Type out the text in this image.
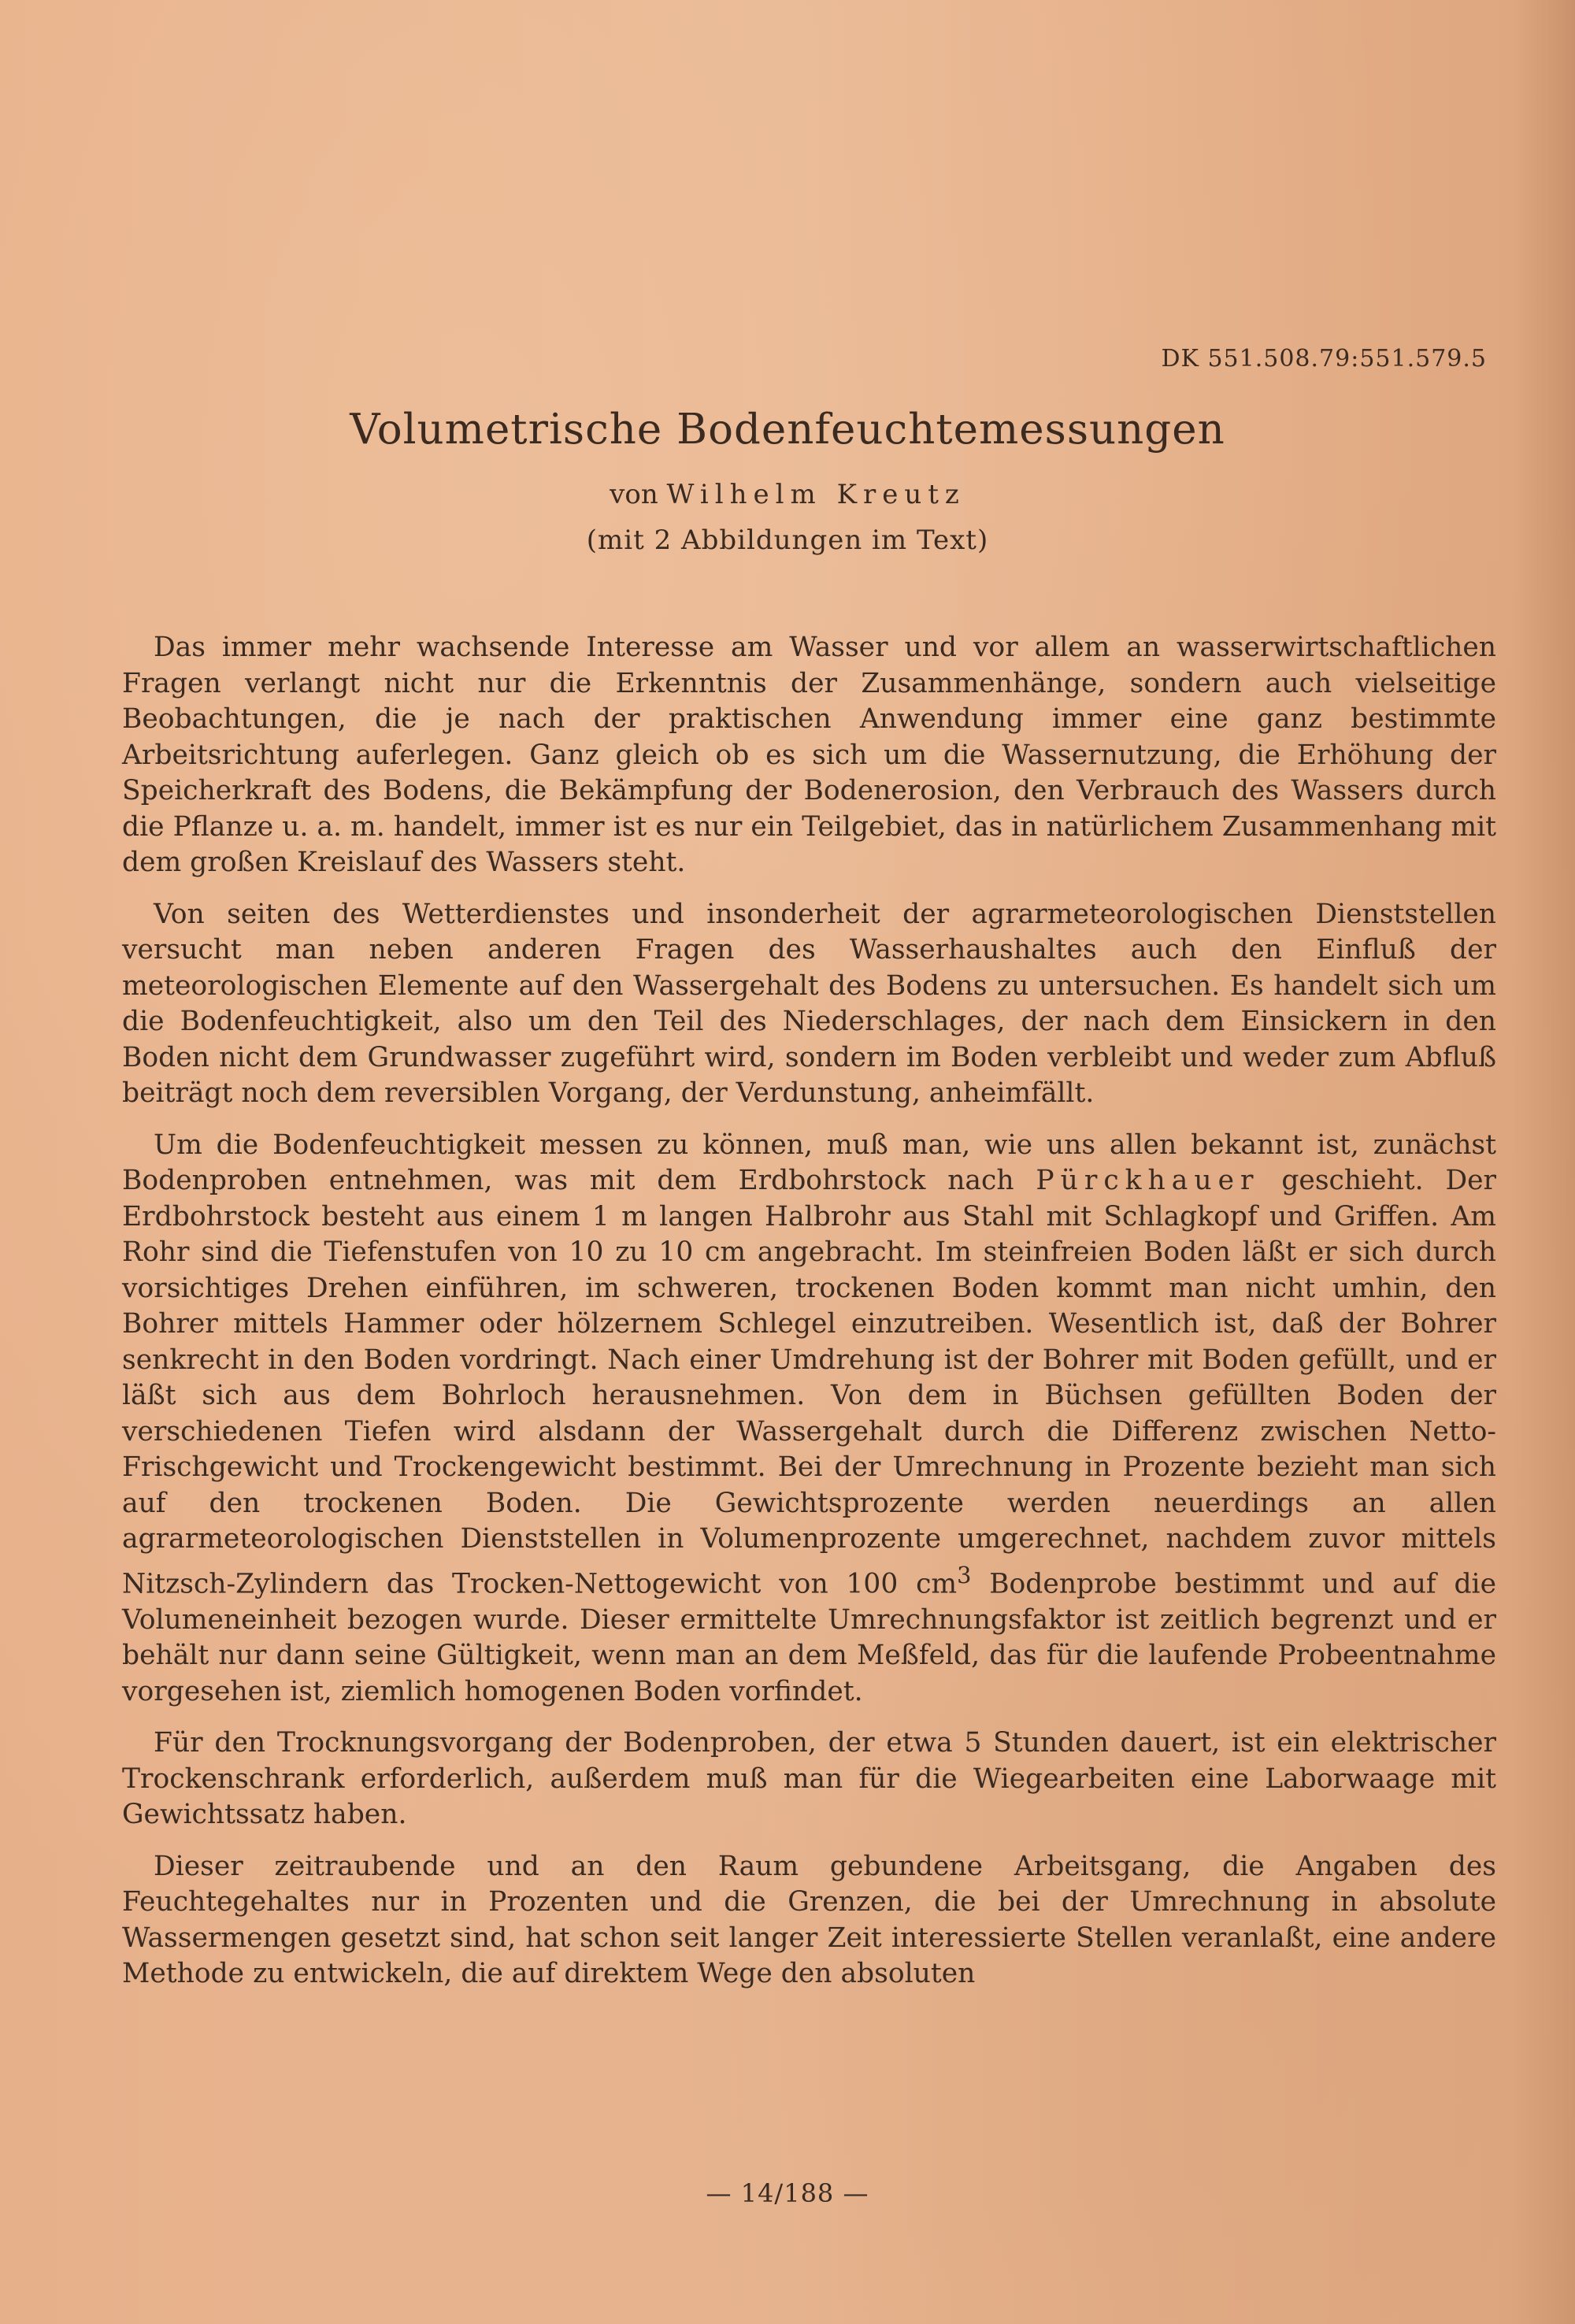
DK 551.508.79:551.579.5
Volumetrische Bodenfeuchtemessungen
von Wilhelm Kreutz
(mit 2 Abbildungen im Text)

Das immer mehr wachsende Interesse am Wasser und vor allem an wasserwirtschaftlichen Fragen verlangt nicht nur die Erkenntnis der Zusammenhänge, sondern auch vielseitige Beobachtungen, die je nach der praktischen Anwendung immer eine ganz bestimmte Arbeitsrichtung auferlegen. Ganz gleich ob es sich um die Wassernutzung, die Erhöhung der Speicherkraft des Bodens, die Bekämpfung der Bodenerosion, den Verbrauch des Wassers durch die Pflanze u. a. m. handelt, immer ist es nur ein Teilgebiet, das in natürlichem Zusammenhang mit dem großen Kreislauf des Wassers steht.

Von seiten des Wetterdienstes und insonderheit der agrarmeteorologischen Dienststellen versucht man neben anderen Fragen des Wasserhaushaltes auch den Einfluß der meteorologischen Elemente auf den Wassergehalt des Bodens zu untersuchen. Es handelt sich um die Bodenfeuchtigkeit, also um den Teil des Niederschlages, der nach dem Einsickern in den Boden nicht dem Grundwasser zugeführt wird, sondern im Boden verbleibt und weder zum Abfluß beiträgt noch dem reversiblen Vorgang, der Verdunstung, anheimfällt.

Um die Bodenfeuchtigkeit messen zu können, muß man, wie uns allen bekannt ist, zunächst Bodenproben entnehmen, was mit dem Erdbohrstock nach Pürckhauer geschieht. Der Erdbohrstock besteht aus einem 1 m langen Halbrohr aus Stahl mit Schlagkopf und Griffen. Am Rohr sind die Tiefenstufen von 10 zu 10 cm angebracht. Im steinfreien Boden läßt er sich durch vorsichtiges Drehen einführen, im schweren, trockenen Boden kommt man nicht umhin, den Bohrer mittels Hammer oder hölzernem Schlegel einzutreiben. Wesentlich ist, daß der Bohrer senkrecht in den Boden vordringt. Nach einer Umdrehung ist der Bohrer mit Boden gefüllt, und er läßt sich aus dem Bohrloch herausnehmen. Von dem in Büchsen gefüllten Boden der verschiedenen Tiefen wird alsdann der Wassergehalt durch die Differenz zwischen Netto-Frischgewicht und Trockengewicht bestimmt. Bei der Umrechnung in Prozente bezieht man sich auf den trockenen Boden. Die Gewichtsprozente werden neuerdings an allen agrarmeteorologischen Dienststellen in Volumenprozente umgerechnet, nachdem zuvor mittels Nitzsch-Zylindern das Trocken-Nettogewicht von 100 $cm^3$ Bodenprobe bestimmt und auf die Volumeneinheit bezogen wurde. Dieser ermittelte Umrechnungsfaktor ist zeitlich begrenzt und er behält nur dann seine Gültigkeit, wenn man an dem Meßfeld, das für die laufende Probeentnahme vorgesehen ist, ziemlich homogenen Boden vorfindet.

Für den Trocknungsvorgang der Bodenproben, der etwa 5 Stunden dauert, ist ein elektrischer Trockenschrank erforderlich, außerdem muß man für die Wiegearbeiten eine Laborwaage mit Gewichtssatz haben.

Dieser zeitraubende und an den Raum gebundene Arbeitsgang, die Angaben des Feuchtegehaltes nur in Prozenten und die Grenzen, die bei der Umrechnung in absolute Wassermengen gesetzt sind, hat schon seit langer Zeit interessierte Stellen veranlaßt, eine andere Methode zu entwickeln, die auf direktem Wege den absoluten

— 14/188 —
